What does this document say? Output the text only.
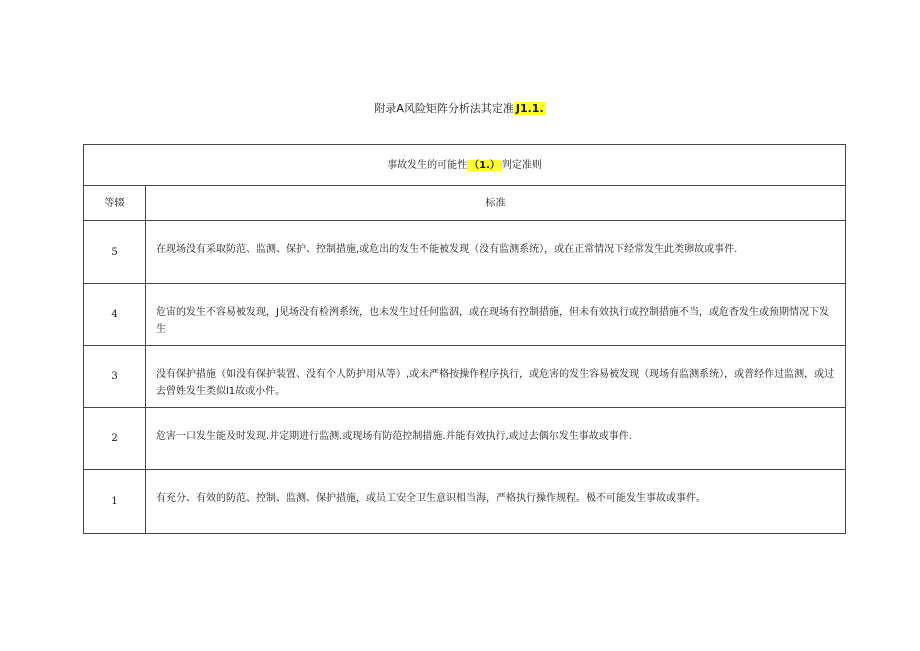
附录A风险矩阵分析法其定准 J1.1.
事故发生的可能性 （1.） 判定准则	
等辍	标准
5	在现场没有采取防范、监测、保护、控制措施,或危出的发生不能被发现（没有监测系统），或在正常情况下经常发生此类卵故或事件.
4	危宙的发生不容易被发现，J见场没有检洌系统，也未发生过任何监泅，或在现场有控制措施，但未有效执行或控制措施不当，或危杳发生或预期情况下发生
3	没有保护措施（如没有保护装置、没有个人防护用从等）,或未严格按操作程序执行，或危害的发生容易被发现（现场有监测系统），或普经作过监测，或过去曾姓发生类似l1故或小件。
2	危害一口发生能及时发现.并定期进行监测.或现场有防范控制措施.并能有效执行,或过去偶尔发生事故或事件.
1	有充分、有效的防范、控制、监测、保护措施，或员工安全卫生意识相当海，严格执行操作规程。极不可能发生事故或事件。
